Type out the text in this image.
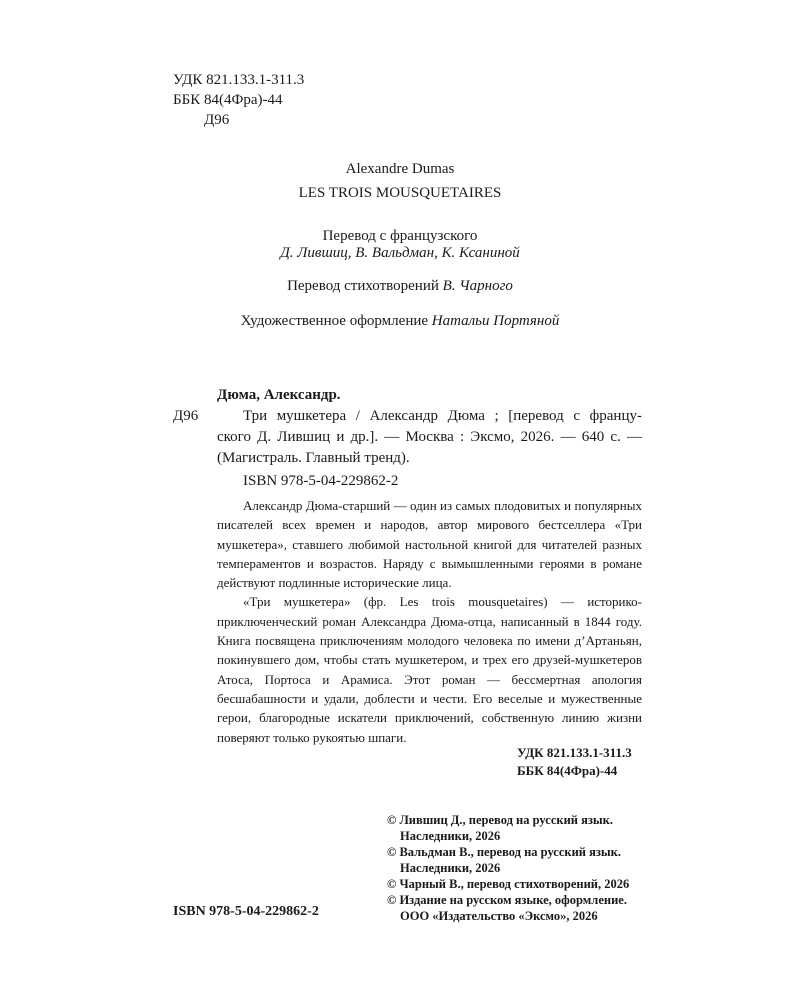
УДК 821.133.1-311.3
ББК 84(4Фра)-44
Д96
Alexandre Dumas
LES TROIS MOUSQUETAIRES
Перевод с французского
Д. Лившиц, В. Вальдман, К. Ксаниной
Перевод стихотворений В. Чарного
Художественное оформление Натальи Портяной
Дюма, Александр.
Д96	Три мушкетера / Александр Дюма ; [перевод с францу-
ского Д. Лившиц и др.]. — Москва : Эксмо, 2026. — 640 с. —
(Магистраль. Главный тренд).
ISBN 978-5-04-229862-2

Александр Дюма-старший — один из самых плодовитых и популярных писателей всех времен и народов, автор мирового бестселлера «Три мушкетера», ставшего любимой настольной книгой для читателей разных темпераментов и возрастов. Наряду с вымышленными героями в романе действуют подлинные исторические лица.

«Три мушкетера» (фр. Les trois mousquetaires) — историко-приключенческий роман Александра Дюма-отца, написанный в 1844 году. Книга посвящена приключениям молодого человека по имени д’Артаньян, покинувшего дом, чтобы стать мушкетером, и трех его друзей-мушкетеров Атоса, Портоса и Арамиса. Этот роман — бессмертная апология бесшабашности и удали, доблести и чести. Его веселые и мужественные герои, благородные искатели приключений, собственную линию жизни поверяют только рукоятью шпаги.

УДК 821.133.1-311.3
ББК 84(4Фра)-44
ISBN 978-5-04-229862-2
© Лившиц Д., перевод на русский язык.
Наследники, 2026
© Вальдман В., перевод на русский язык.
Наследники, 2026
© Чарный В., перевод стихотворений, 2026
© Издание на русском языке, оформление.
ООО «Издательство «Эксмо», 2026
